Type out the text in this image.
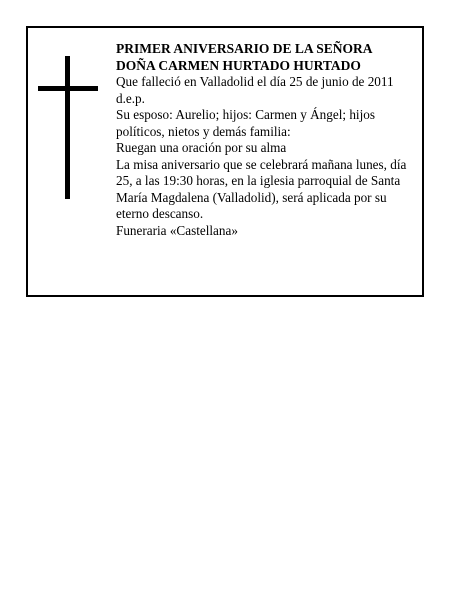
PRIMER ANIVERSARIO DE LA SEÑORA

DOÑA CARMEN HURTADO HURTADO

Que falleció en Valladolid el día 25 de junio de 2011 d.e.p.

Su esposo: Aurelio; hijos: Carmen y Ángel; hijos políticos, nietos y demás familia:

Ruegan una oración por su alma

La misa aniversario que se celebrará mañana lunes, día 25, a las 19:30 horas, en la iglesia parroquial de Santa María Magdalena (Valladolid), será aplicada por su eterno descanso.

Funeraria «Castellana»
